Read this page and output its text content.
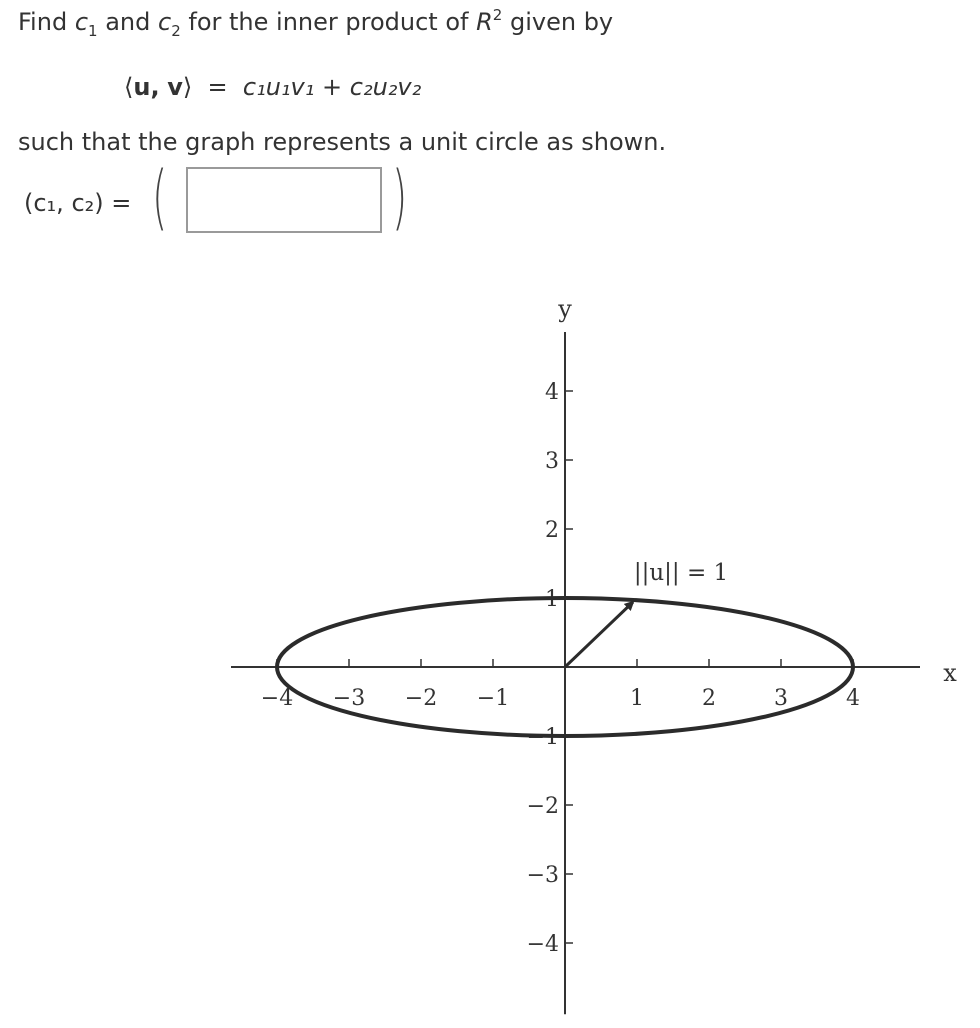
Find $c_1$ and $c_2$ for the inner product of $R^2$ given by
⟨u, v⟩ = c₁u₁v₁ + c₂u₂v₂
such that the graph represents a unit circle as shown.
(c₁, c₂) = (	)
−4 −3 −2 −1	1	2	3	4
−4
−3
−2
−1
1
2
3
4
x
y
||u|| = 1
